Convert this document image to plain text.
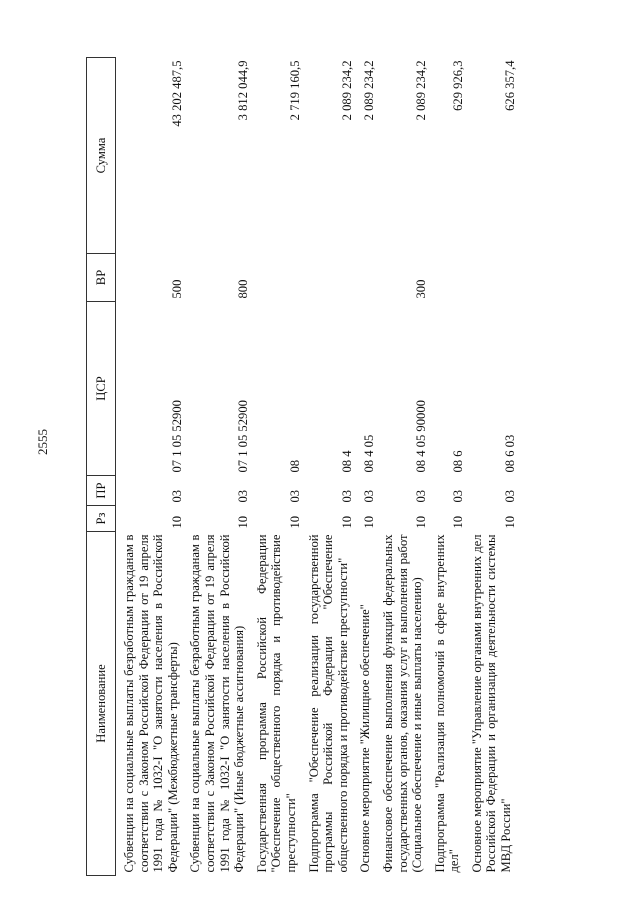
2555
Наименование	Рз	ПР	ЦСР	ВР	Сумма
Субвенции на социальные выплаты безработным гражданам в соответствии с Законом Российской Федерации от 19 апреля 1991 года № 1032-I "О занятости населения в Российской Федерации" (Межбюджетные трансферты)	10	03	07 1 05 52900	500	43 202 487,5
Субвенции на социальные выплаты безработным гражданам в соответствии с Законом Российской Федерации от 19 апреля 1991 года № 1032-I "О занятости населения в Российской Федерации" (Иные бюджетные ассигнования)	10	03	07 1 05 52900	800	3 812 044,9
Государственная программа Российской Федерации "Обеспечение общественного порядка и противодействие преступности"	10	03	08		2 719 160,5
Подпрограмма "Обеспечение реализации государственной программы Российской Федерации "Обеспечение общественного порядка и противодействие преступности"	10	03	08 4		2 089 234,2
Основное мероприятие "Жилищное обеспечение"	10	03	08 4 05		2 089 234,2
Финансовое обеспечение выполнения функций федеральных государственных органов, оказания услуг и выполнения работ (Социальное обеспечение и иные выплаты населению)	10	03	08 4 05 90000	300	2 089 234,2
Подпрограмма "Реализация полномочий в сфере внутренних дел"	10	03	08 6		629 926,3
Основное мероприятие "Управление органами внутренних дел Российской Федерации и организация деятельности системы МВД России"	10	03	08 6 03		626 357,4
